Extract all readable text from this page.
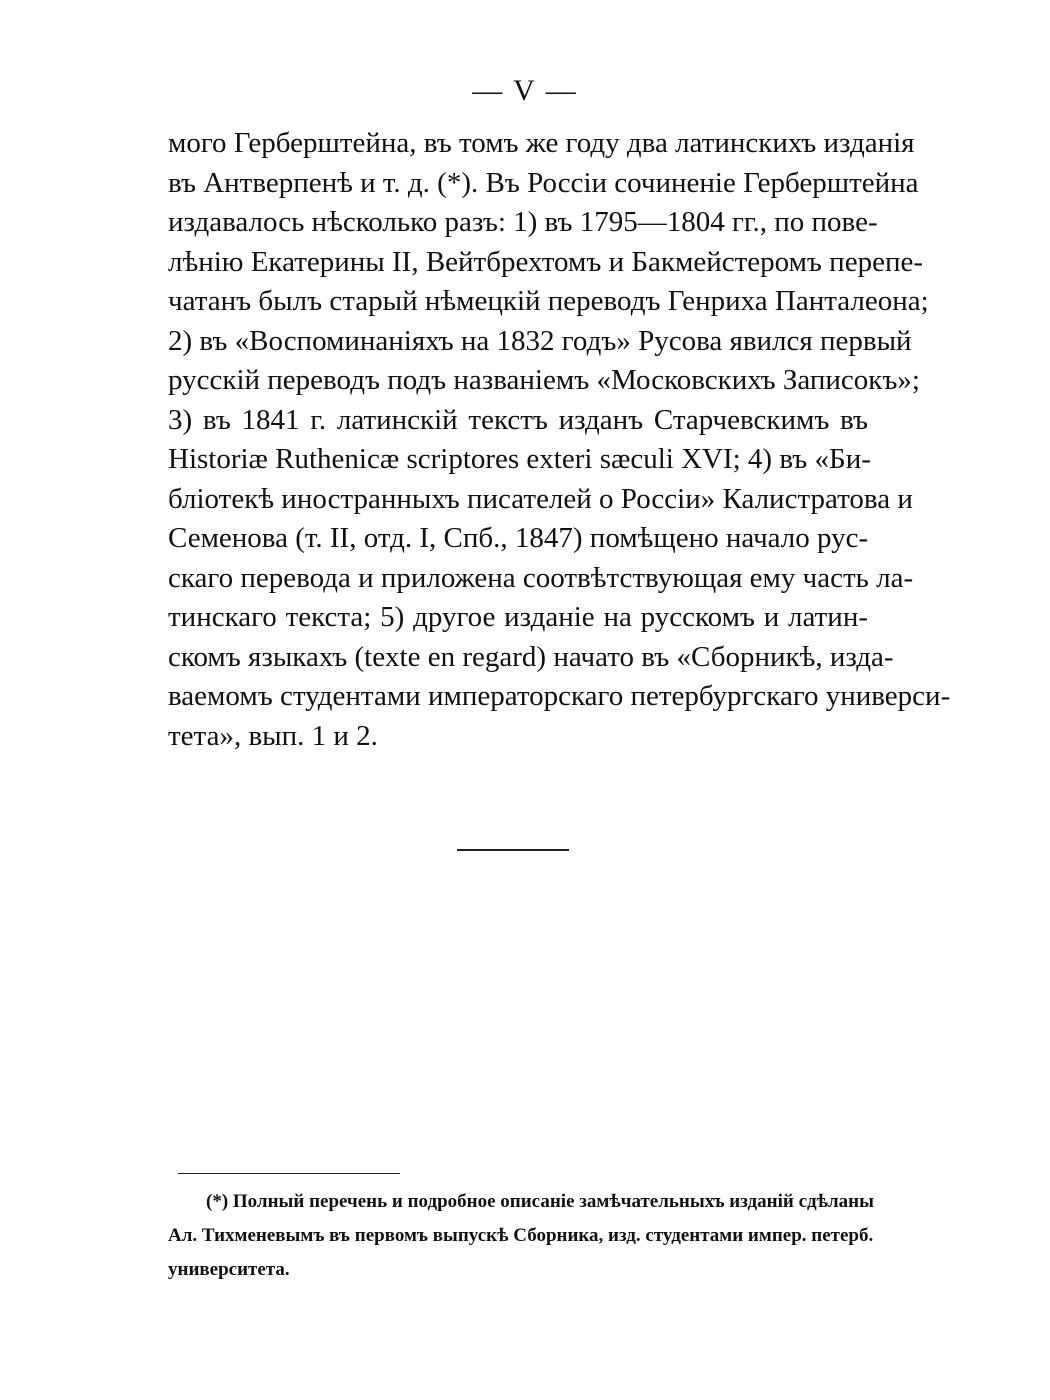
— V —
мого Герберштейна, въ томъ же году два латинскихъ изданія
въ Антверпенѣ и т. д. (*). Въ Россіи сочиненіе Герберштейна
издавалось нѣсколько разъ: 1) въ 1795—1804 гг., по пове-
лѣнію Екатерины II, Вейтбрехтомъ и Бакмейстеромъ перепе-
чатанъ былъ старый нѣмецкій переводъ Генриха Панталеона;
2) въ «Воспоминаніяхъ на 1832 годъ» Русова явился первый
русскій переводъ подъ названіемъ «Московскихъ Записокъ»;
3) въ 1841 г. латинскій текстъ изданъ Старчевскимъ въ
Historiæ Ruthenicæ scriptores exteri sæculi XVI; 4) въ «Би-
бліотекѣ иностранныхъ писателей о Россіи» Калистратова и
Семенова (т. II, отд. I, Спб., 1847) помѣщено начало рус-
скаго перевода и приложена соотвѣтствующая ему часть ла-
тинскаго текста; 5) другое изданіе на русскомъ и латин-
скомъ языкахъ (texte en regard) начато въ «Сборникѣ, изда-
ваемомъ студентами императорскаго петербургскаго универси-
тета», вып. 1 и 2.
(*) Полный перечень и подробное описаніе замѣчательныхъ изданій сдѣланы
Ал. Тихменевымъ въ первомъ выпускѣ Сборника, изд. студентами импер. петерб.
университета.
